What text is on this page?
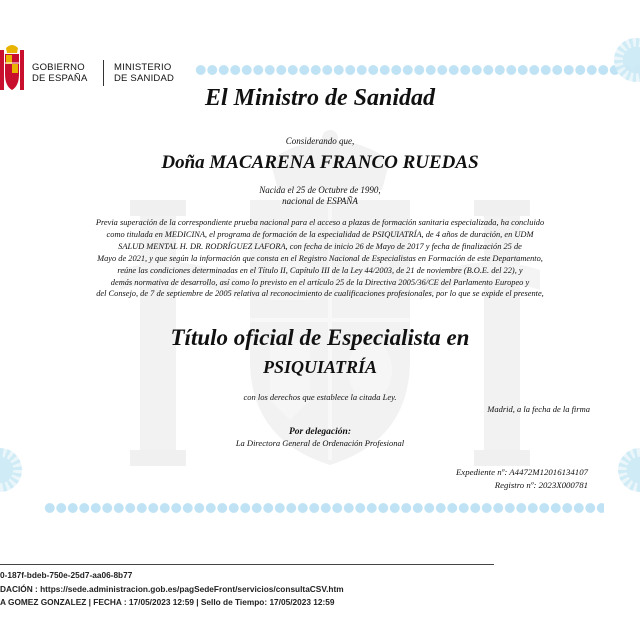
GOBIERNO
DE ESPAÑA
MINISTERIO
DE SANIDAD
El Ministro de Sanidad
Considerando que,
Doña MACARENA FRANCO RUEDAS
Nacida el 25 de Octubre de 1990,
nacional de ESPAÑA
Previa superación de la correspondiente prueba nacional para el acceso a plazas de formación sanitaria especializada, ha concluido
como titulada en MEDICINA, el programa de formación de la especialidad de PSIQUIATRÍA, de 4 años de duración, en UDM
SALUD MENTAL H. DR. RODRÍGUEZ LAFORA, con fecha de inicio 26 de Mayo de 2017 y fecha de finalización 25 de
Mayo de 2021, y que según la información que consta en el Registro Nacional de Especialistas en Formación de este Departamento,
reúne las condiciones determinadas en el Título II, Capítulo III de la Ley 44/2003, de 21 de noviembre (B.O.E. del 22), y
demás normativa de desarrollo, así como lo previsto en el artículo 25 de la Directiva 2005/36/CE del Parlamento Europeo y
del Consejo, de 7 de septiembre de 2005 relativa al reconocimiento de cualificaciones profesionales, por lo que se expide el presente,
Título oficial de Especialista en
PSIQUIATRÍA
con los derechos que establece la citada Ley.
Madrid, a la fecha de la firma
Por delegación:
La Directora General de Ordenación Profesional
Expediente nº: A4472M12016134107
Registro nº: 2023X000781
0-187f-bdeb-750e-25d7-aa06-8b77
DACIÓN : https://sede.administracion.gob.es/pagSedeFront/servicios/consultaCSV.htm
A GOMEZ GONZALEZ | FECHA : 17/05/2023 12:59 | Sello de Tiempo: 17/05/2023 12:59
